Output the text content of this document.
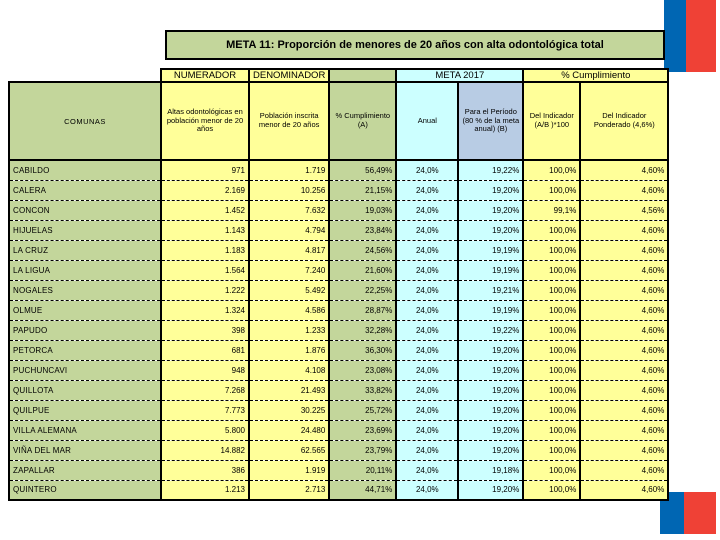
META 11: Proporción de menores de 20 años con alta odontológica total
	NUMERADOR	DENOMINADOR		META 2017		% Cumplimiento	
COMUNAS	Altas odontológicas en población menor de 20 años	Población inscrita menor de 20 años	% Cumplimiento (A)	Anual	Para el Período (80 % de la meta anual) (B)	Del Indicador (A/B )*100	Del Indicador Ponderado (4,6%)
CABILDO	971	1.719	56,49%	24,0%	19,22%	100,0%	4,60%
CALERA	2.169	10.256	21,15%	24,0%	19,20%	100,0%	4,60%
CONCON	1.452	7.632	19,03%	24,0%	19,20%	99,1%	4,56%
HIJUELAS	1.143	4.794	23,84%	24,0%	19,20%	100,0%	4,60%
LA CRUZ	1.183	4.817	24,56%	24,0%	19,19%	100,0%	4,60%
LA LIGUA	1.564	7.240	21,60%	24,0%	19,19%	100,0%	4,60%
NOGALES	1.222	5.492	22,25%	24,0%	19,21%	100,0%	4,60%
OLMUE	1.324	4.586	28,87%	24,0%	19,19%	100,0%	4,60%
PAPUDO	398	1.233	32,28%	24,0%	19,22%	100,0%	4,60%
PETORCA	681	1.876	36,30%	24,0%	19,20%	100,0%	4,60%
PUCHUNCAVI	948	4.108	23,08%	24,0%	19,20%	100,0%	4,60%
QUILLOTA	7.268	21.493	33,82%	24,0%	19,20%	100,0%	4,60%
QUILPUE	7.773	30.225	25,72%	24,0%	19,20%	100,0%	4,60%
VILLA ALEMANA	5.800	24.480	23,69%	24,0%	19,20%	100,0%	4,60%
VIÑA DEL MAR	14.882	62.565	23,79%	24,0%	19,20%	100,0%	4,60%
ZAPALLAR	386	1.919	20,11%	24,0%	19,18%	100,0%	4,60%
QUINTERO	1.213	2.713	44,71%	24,0%	19,20%	100,0%	4,60%
